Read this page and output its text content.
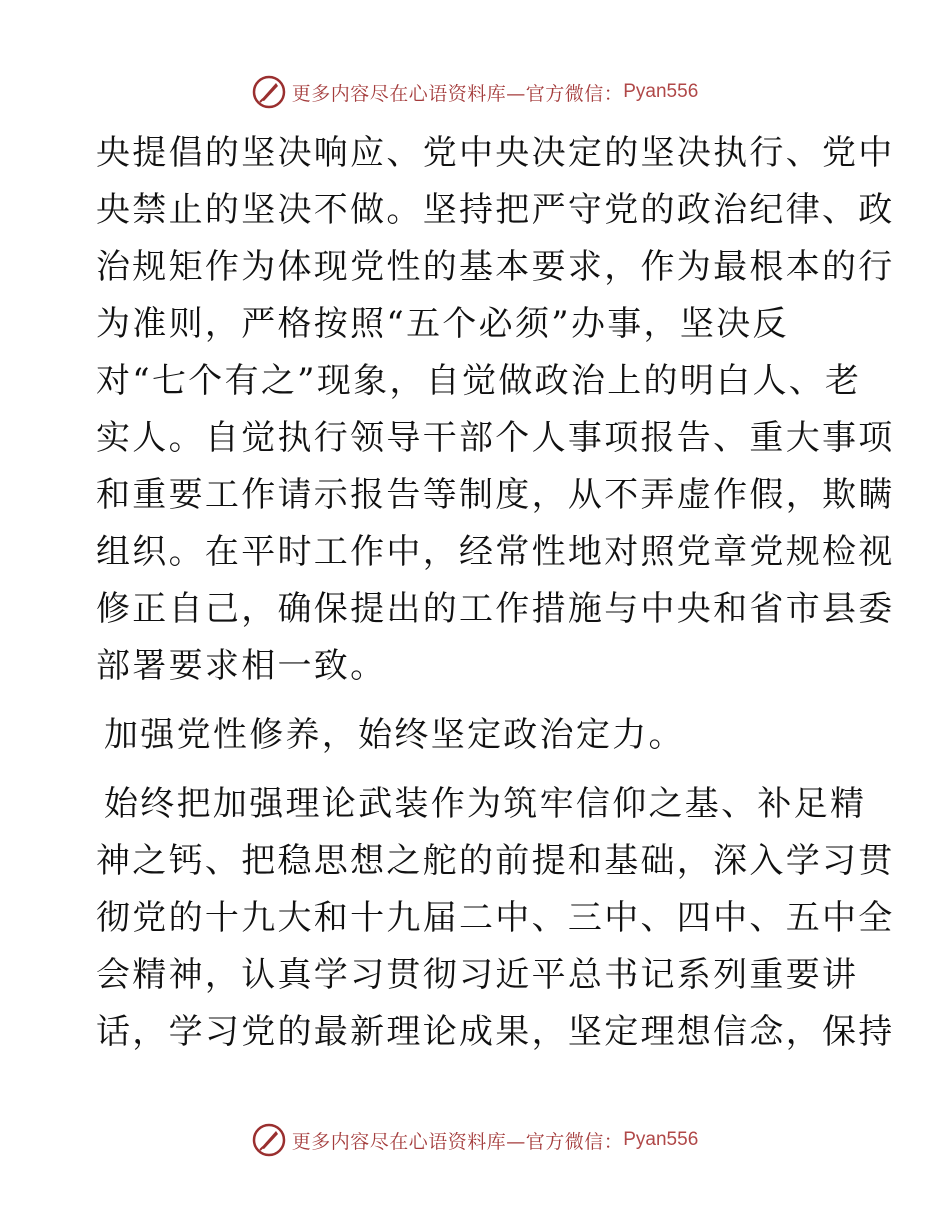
更多内容尽在心语资料库—官方微信： Pyan556
央提倡的坚决响应、党中央决定的坚决执行、党中
央禁止的坚决不做。坚持把严守党的政治纪律、政
治规矩作为体现党性的基本要求，作为最根本的行
为准则，严格按照“五个必须”办事，坚决反
对“七个有之”现象，自觉做政治上的明白人、老
实人。自觉执行领导干部个人事项报告、重大事项
和重要工作请示报告等制度，从不弄虚作假，欺瞒
组织。在平时工作中，经常性地对照党章党规检视
修正自己，确保提出的工作措施与中央和省市县委
部署要求相一致。
加强党性修养，始终坚定政治定力。
始终把加强理论武装作为筑牢信仰之基、补足精
神之钙、把稳思想之舵的前提和基础，深入学习贯
彻党的十九大和十九届二中、三中、四中、五中全
会精神，认真学习贯彻习近平总书记系列重要讲
话，学习党的最新理论成果，坚定理想信念，保持
更多内容尽在心语资料库—官方微信： Pyan556
